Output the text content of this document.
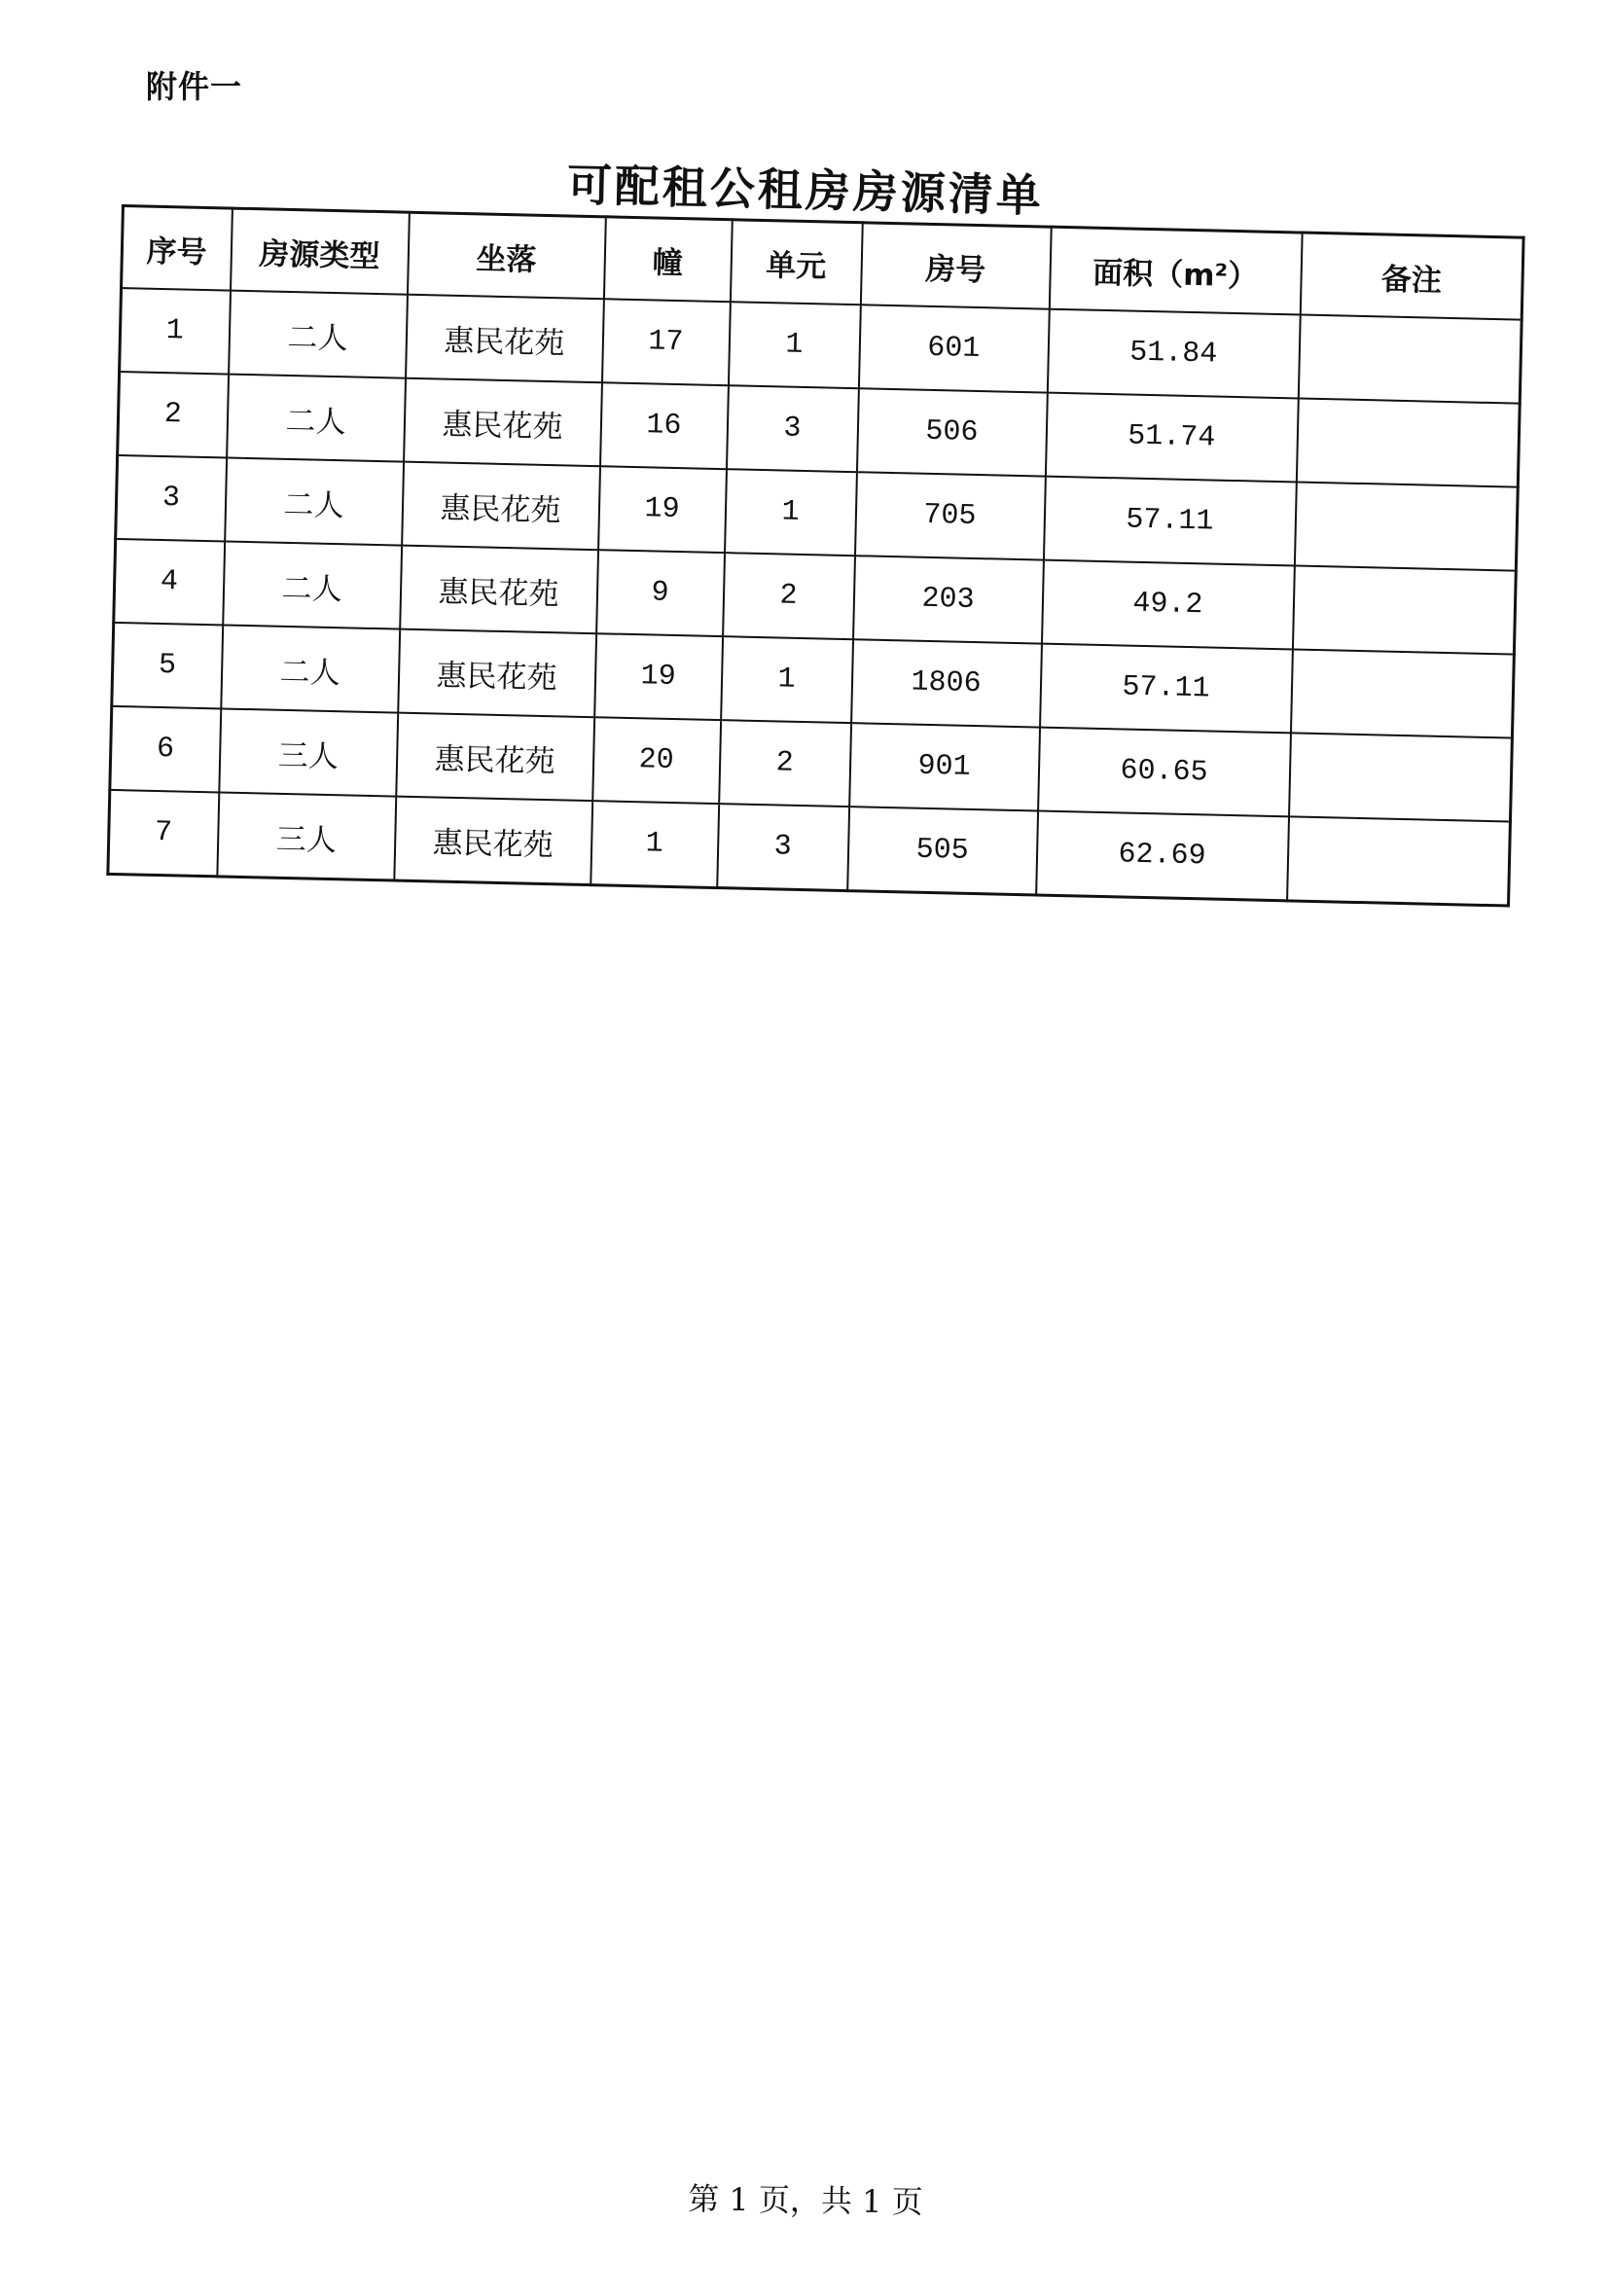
附件一
可配租公租房房源清单
序号	房源类型	坐落	幢	单元	房号	面积（m²）	备注
1	二人	惠民花苑	17	1	601	51.84	
2	二人	惠民花苑	16	3	506	51.74	
3	二人	惠民花苑	19	1	705	57.11	
4	二人	惠民花苑	9	2	203	49.2	
5	二人	惠民花苑	19	1	1806	57.11	
6	三人	惠民花苑	20	2	901	60.65	
7	三人	惠民花苑	1	3	505	62.69	
第 1 页，共 1 页
